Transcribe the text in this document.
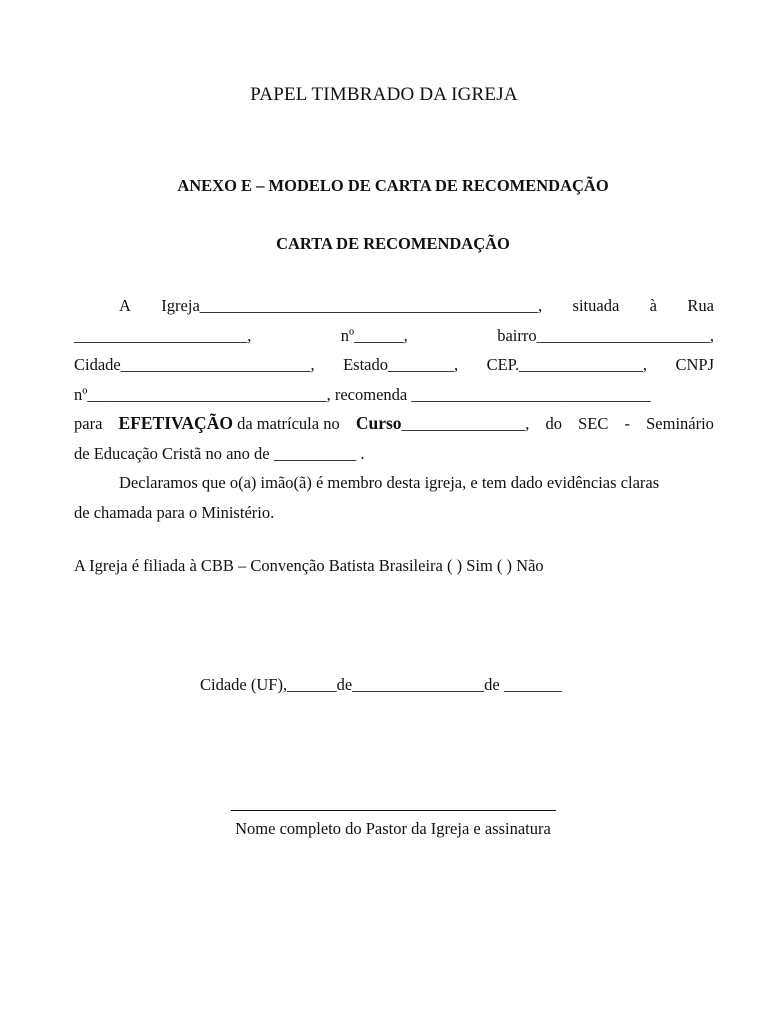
PAPEL TIMBRADO DA IGREJA
ANEXO E – MODELO DE CARTA DE RECOMENDAÇÃO
CARTA DE RECOMENDAÇÃO
A Igreja_________________________________________, situada à Rua
_____________________,	nº______,	bairro_____________________,
Cidade_______________________, Estado________, CEP._______________, CNPJ
nº_____________________________, recomenda _____________________________
para EFETIVAÇÃO da matrícula no Curso_______________, do SEC - Seminário
de Educação Cristã no ano de __________ .
Declaramos que o(a) imão(ã) é membro desta igreja, e tem dado evidências claras
de chamada para o Ministério.
A Igreja é filiada à CBB – Convenção Batista Brasileira ( ) Sim ( ) Não
Cidade (UF),______de________________de _______
Nome completo do Pastor da Igreja e assinatura
